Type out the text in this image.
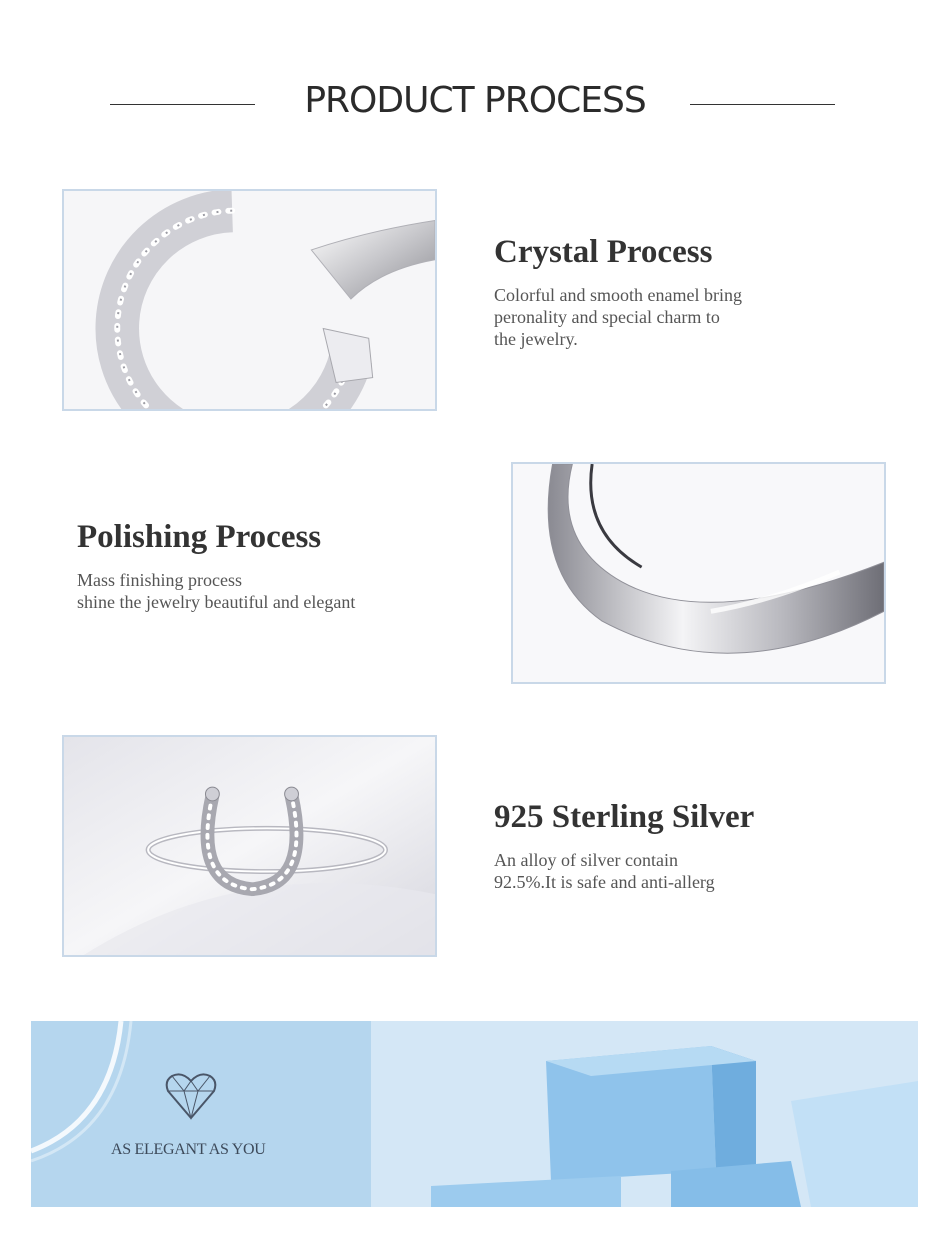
PRODUCT PROCESS
Crystal Process

Colorful and smooth enamel bring
peronality and special charm to
the jewelry.

Polishing Process

Mass finishing process
shine the jewelry beautiful and elegant

925 Sterling Silver

An alloy of silver contain
92.5%.It is safe and anti-allerg

AS ELEGANT AS YOU
